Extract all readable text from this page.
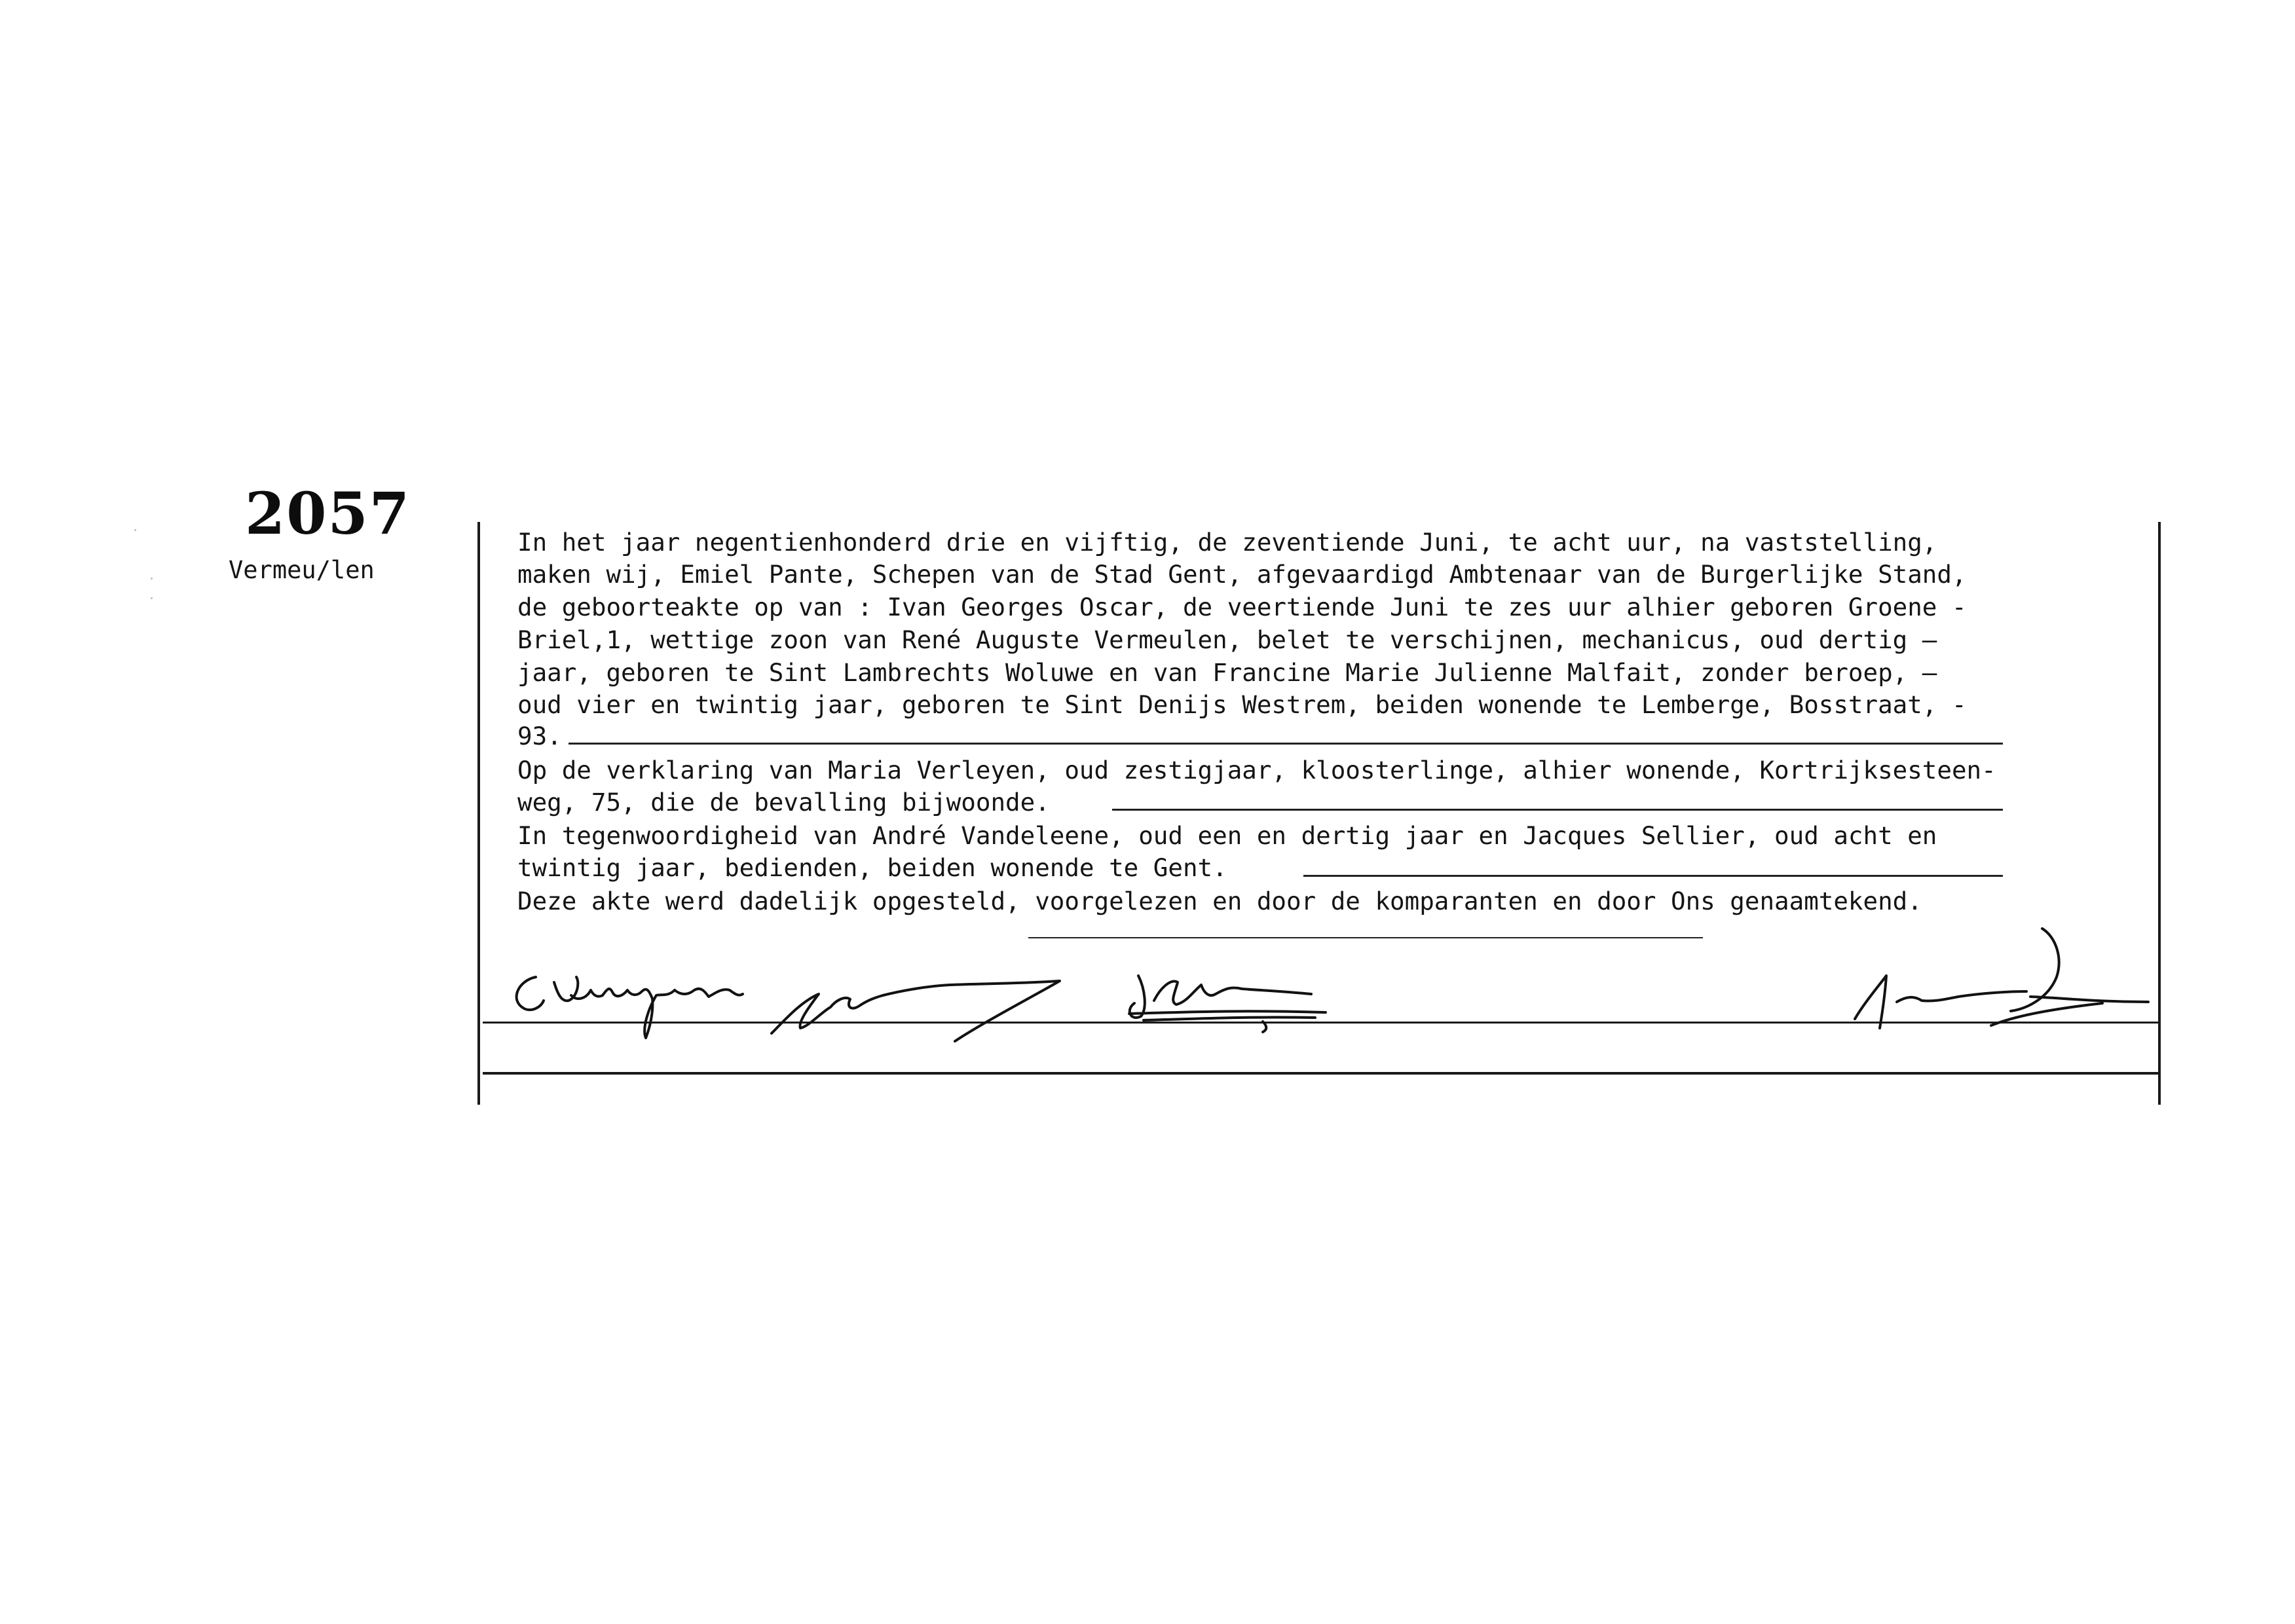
2057
Vermeu/len
In het jaar negentienhonderd drie en vijftig, de zeventiende Juni, te acht uur, na vaststelling,
maken wij, Emiel Pante, Schepen van de Stad Gent, afgevaardigd Ambtenaar van de Burgerlijke Stand,
de geboorteakte op van : Ivan Georges Oscar, de veertiende Juni te zes uur alhier geboren Groene -
Briel,1, wettige zoon van René Auguste Vermeulen, belet te verschijnen, mechanicus, oud dertig —
jaar, geboren te Sint Lambrechts Woluwe en van Francine Marie Julienne Malfait, zonder beroep, —
oud vier en twintig jaar, geboren te Sint Denijs Westrem, beiden wonende te Lemberge, Bosstraat, -
93.
Op de verklaring van Maria Verleyen, oud zestigjaar, kloosterlinge, alhier wonende, Kortrijksesteen-
weg, 75, die de bevalling bijwoonde.
In tegenwoordigheid van André Vandeleene, oud een en dertig jaar en Jacques Sellier, oud acht en
twintig jaar, bedienden, beiden wonende te Gent.
Deze akte werd dadelijk opgesteld, voorgelezen en door de komparanten en door Ons genaamtekend.
